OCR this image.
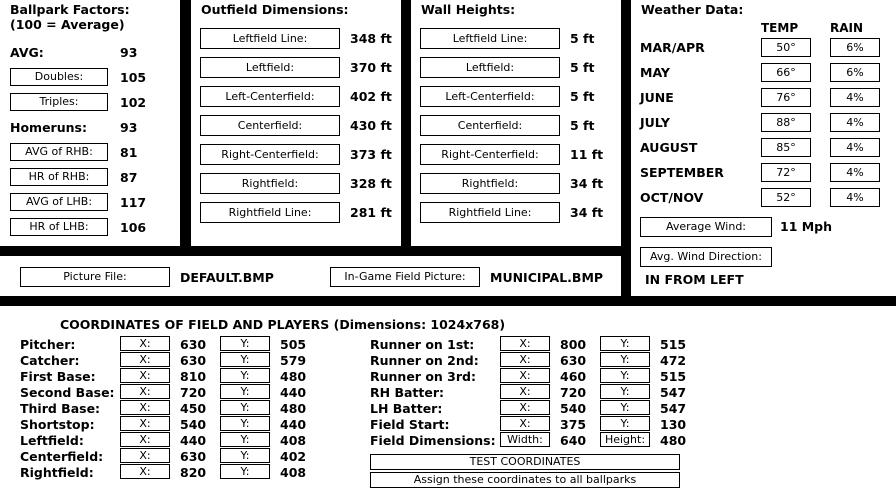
Ballpark Factors:
(100 = Average)
AVG:	93
Doubles:	105
Triples:	102
Homeruns:	93
AVG of RHB:	81
HR of RHB:	87
AVG of LHB:	117
HR of LHB:	106
Outfield Dimensions:
Leftfield Line:	348 ft
Leftfield:	370 ft
Left-Centerfield:	402 ft
Centerfield:	430 ft
Right-Centerfield:	373 ft
Rightfield:	328 ft
Rightfield Line:	281 ft
Wall Heights:
Leftfield Line:	5 ft
Leftfield:	5 ft
Left-Centerfield:	5 ft
Centerfield:	5 ft
Right-Centerfield:	11 ft
Rightfield:	34 ft
Rightfield Line:	34 ft
Weather Data:
TEMP	RAIN
MAR/APR	50°	6%
MAY	66°	6%
JUNE	76°	4%
JULY	88°	4%
AUGUST	85°	4%
SEPTEMBER	72°	4%
OCT/NOV	52°	4%
Average Wind:	11 Mph
Avg. Wind Direction:
IN FROM LEFT
Picture File:	DEFAULT.BMP	In-Game Field Picture:	MUNICIPAL.BMP
COORDINATES OF FIELD AND PLAYERS (Dimensions: 1024x768)
Pitcher:	X:	630	Y:	505
Catcher:	X:	630	Y:	579
First Base:	X:	810	Y:	480
Second Base:	X:	720	Y:	440
Third Base:	X:	450	Y:	480
Shortstop:	X:	540	Y:	440
Leftfield:	X:	440	Y:	408
Centerfield:	X:	630	Y:	402
Rightfield:	X:	820	Y:	408
Runner on 1st:	X:	800	Y:	515
Runner on 2nd:	X:	630	Y:	472
Runner on 3rd:	X:	460	Y:	515
RH Batter:	X:	720	Y:	547
LH Batter:	X:	540	Y:	547
Field Start:	X:	375	Y:	130
Field Dimensions:	Width:	640	Height:	480
TEST COORDINATES
Assign these coordinates to all ballparks
